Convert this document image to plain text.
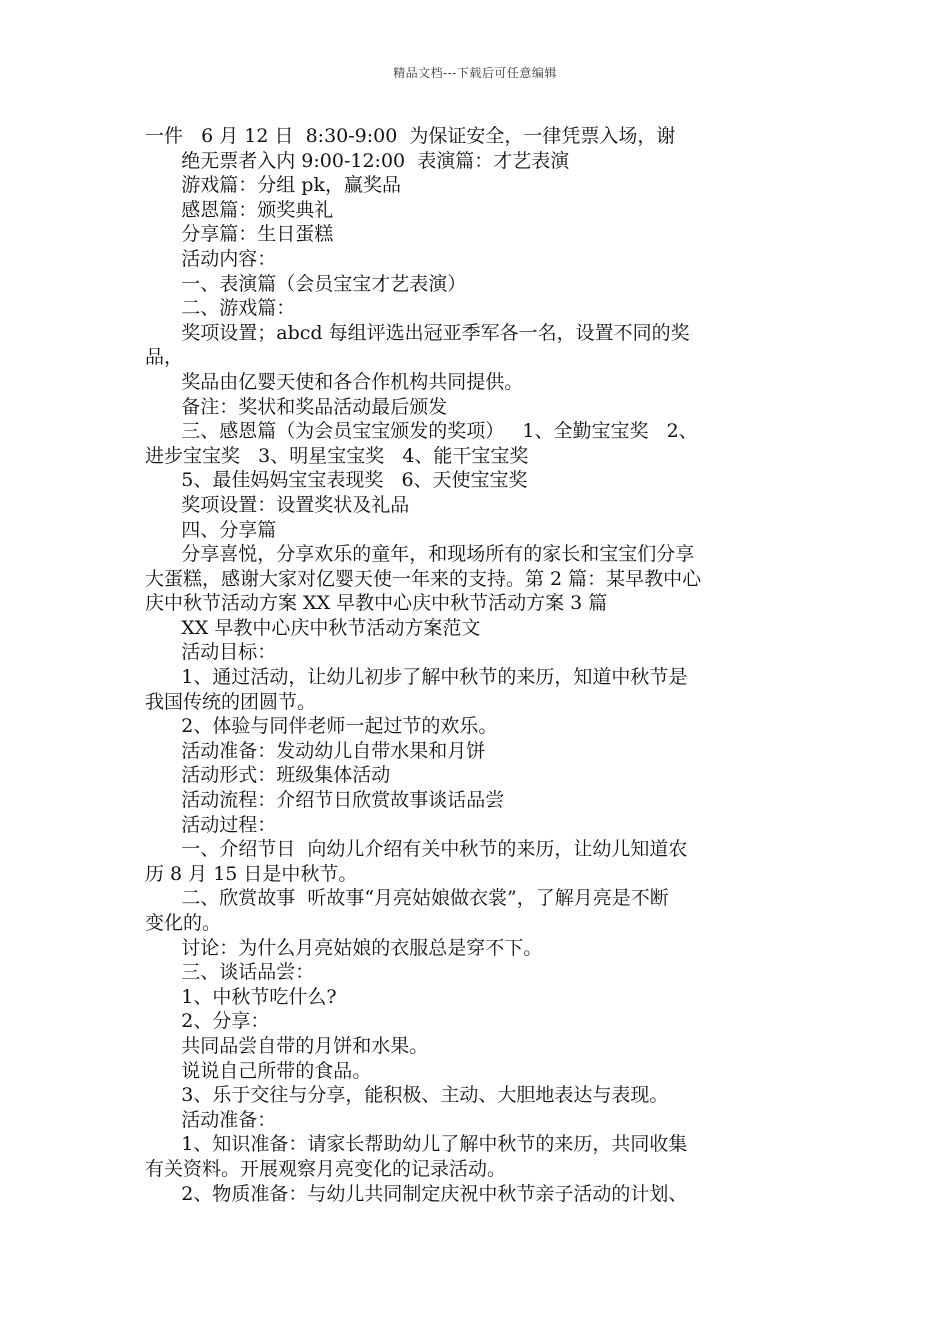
精品文档---下载后可任意编辑
一件   6 月 12 日  8:30-9:00  为保证安全，一律凭票入场，谢
绝无票者入内 9:00-12:00  表演篇：才艺表演
游戏篇：分组 pk，赢奖品
感恩篇：颁奖典礼
分享篇：生日蛋糕
活动内容：
一、表演篇（会员宝宝才艺表演）
二、游戏篇：
奖项设置；abcd 每组评选出冠亚季军各一名，设置不同的奖
品，
奖品由亿婴天使和各合作机构共同提供。
备注：奖状和奖品活动最后颁发
三、感恩篇（为会员宝宝颁发的奖项）   1、全勤宝宝奖   2、
进步宝宝奖   3、明星宝宝奖   4、能干宝宝奖
5、最佳妈妈宝宝表现奖   6、天使宝宝奖
奖项设置：设置奖状及礼品
四、分享篇
分享喜悦，分享欢乐的童年，和现场所有的家长和宝宝们分享
大蛋糕，感谢大家对亿婴天使一年来的支持。第 2 篇：某早教中心
庆中秋节活动方案 XX 早教中心庆中秋节活动方案 3 篇
XX 早教中心庆中秋节活动方案范文
活动目标：
1、通过活动，让幼儿初步了解中秋节的来历，知道中秋节是
我国传统的团圆节。
2、体验与同伴老师一起过节的欢乐。
活动准备：发动幼儿自带水果和月饼
活动形式：班级集体活动
活动流程：介绍节日欣赏故事谈话品尝
活动过程：
一、介绍节日  向幼儿介绍有关中秋节的来历，让幼儿知道农
历 8 月 15 日是中秋节。
二、欣赏故事  听故事“月亮姑娘做衣裳”，了解月亮是不断
变化的。
讨论：为什么月亮姑娘的衣服总是穿不下。
三、谈话品尝：
1、中秋节吃什么?
2、分享：
共同品尝自带的月饼和水果。
说说自己所带的食品。
3、乐于交往与分享，能积极、主动、大胆地表达与表现。
活动准备：
1、知识准备：请家长帮助幼儿了解中秋节的来历，共同收集
有关资料。开展观察月亮变化的记录活动。
2、物质准备：与幼儿共同制定庆祝中秋节亲子活动的计划、
